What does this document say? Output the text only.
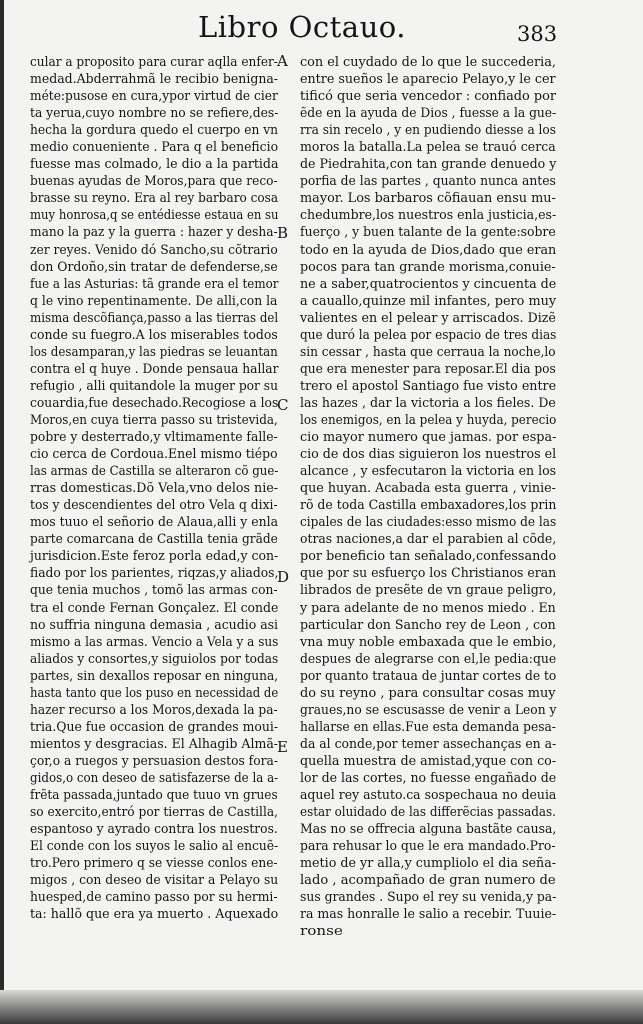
Libro Octauo.	383
cular a proposito para curar aqlla enfer-
medad.Abderrahmã le recibio benigna-
méte:pusose en cura,ypor virtud de cier
ta yerua,cuyo nombre no se refiere,des-
hecha la gordura quedo el cuerpo en vn
medio conueniente . Para q el beneficio
fuesse mas colmado, le dio a la partida
buenas ayudas de Moros,para que reco-
brasse su reyno. Era al rey barbaro cosa
muy honrosa,q se entédiesse estaua en su
mano la paz y la guerra : hazer y desha-
zer reyes. Venido dó Sancho,su cõtrario
don Ordoño,sin tratar de defenderse,se
fue a las Asturias: tã grande era el temor
q le vino repentinamente. De alli,con la
misma descõfiança,passo a las tierras del
conde su fuegro.A los miserables todos
los desamparan,y las piedras se leuantan
contra el q huye . Donde pensaua hallar
refugio , alli quitandole la muger por su
couardia,fue desechado.Recogiose a los
Moros,en cuya tierra passo su tristevida,
pobre y desterrado,y vltimamente falle-
cio cerca de Cordoua.Enel mismo tiépo
las armas de Castilla se alteraron cõ gue-
rras domesticas.Dõ Vela,vno delos nie-
tos y descendientes del otro Vela q dixi-
mos tuuo el señorio de Alaua,alli y enla
parte comarcana de Castilla tenia grãde
jurisdicion.Este feroz porla edad,y con-
fiado por los parientes, riqzas,y aliados,
que tenia muchos , tomõ las armas con-
tra el conde Fernan Gonçalez. El conde
no suffria ninguna demasia , acudio asi
mismo a las armas. Vencio a Vela y a sus
aliados y consortes,y siguiolos por todas
partes, sin dexallos reposar en ninguna,
hasta tanto que los puso en necessidad de
hazer recurso a los Moros,dexada la pa-
tria.Que fue occasion de grandes moui-
mientos y desgracias. El Alhagib Almã-
çor,o a ruegos y persuasion destos fora-
gidos,o con deseo de satisfazerse de la a-
frẽta passada,juntado que tuuo vn grues
so exercito,entró por tierras de Castilla,
espantoso y ayrado contra los nuestros.
El conde con los suyos le salio al encuẽ-
tro.Pero primero q se viesse conlos ene-
migos , con deseo de visitar a Pelayo su
huesped,de camino passo por su hermi-
ta: hallõ que era ya muerto . Aquexado
con el cuydado de lo que le succederia,
entre sueños le aparecio Pelayo,y le cer
tificó que seria vencedor : confiado por
ẽde en la ayuda de Dios , fuesse a la gue-
rra sin recelo , y en pudiendo diesse a los
moros la batalla.La pelea se trauó cerca
de Piedrahita,con tan grande denuedo y
porfia de las partes , quanto nunca antes
mayor. Los barbaros cõfiauan ensu mu-
chedumbre,los nuestros enla justicia,es-
fuerço , y buen talante de la gente:sobre
todo en la ayuda de Dios,dado que eran
pocos para tan grande morisma,conuie-
ne a saber,quatrocientos y cincuenta de
a cauallo,quinze mil infantes, pero muy
valientes en el pelear y arriscados. Dizẽ
que duró la pelea por espacio de tres dias
sin cessar , hasta que cerraua la noche,lo
que era menester para reposar.El dia pos
trero el apostol Santiago fue visto entre
las hazes , dar la victoria a los fieles. De
los enemigos, en la pelea y huyda, perecio
cio mayor numero que jamas. por espa-
cio de dos dias siguieron los nuestros el
alcance , y esfecutaron la victoria en los
que huyan. Acabada esta guerra , vinie-
rõ de toda Castilla embaxadores,los prin
cipales de las ciudades:esso mismo de las
otras naciones,a dar el parabien al cõde,
por beneficio tan señalado,confessando
que por su esfuerço los Christianos eran
librados de presẽte de vn graue peligro,
y para adelante de no menos miedo . En
particular don Sancho rey de Leon , con
vna muy noble embaxada que le embio,
despues de alegrarse con el,le pedia:que
por quanto trataua de juntar cortes de to
do su reyno , para consultar cosas muy
graues,no se escusasse de venir a Leon y
hallarse en ellas.Fue esta demanda pesa-
da al conde,por temer assechanças en a-
quella muestra de amistad,yque con co-
lor de las cortes, no fuesse engañado de
aquel rey astuto.ca sospechaua no deuia
estar oluidado de las differẽcias passadas.
Mas no se offrecia alguna bastãte causa,
para rehusar lo que le era mandado.Pro-
metio de yr alla,y cumpliolo el dia seña-
lado , acompañado de gran numero de
sus grandes . Supo el rey su venida,y pa-
ra mas honralle le salio a recebir. Tuuie-
ronse
A
B
C
D
E
